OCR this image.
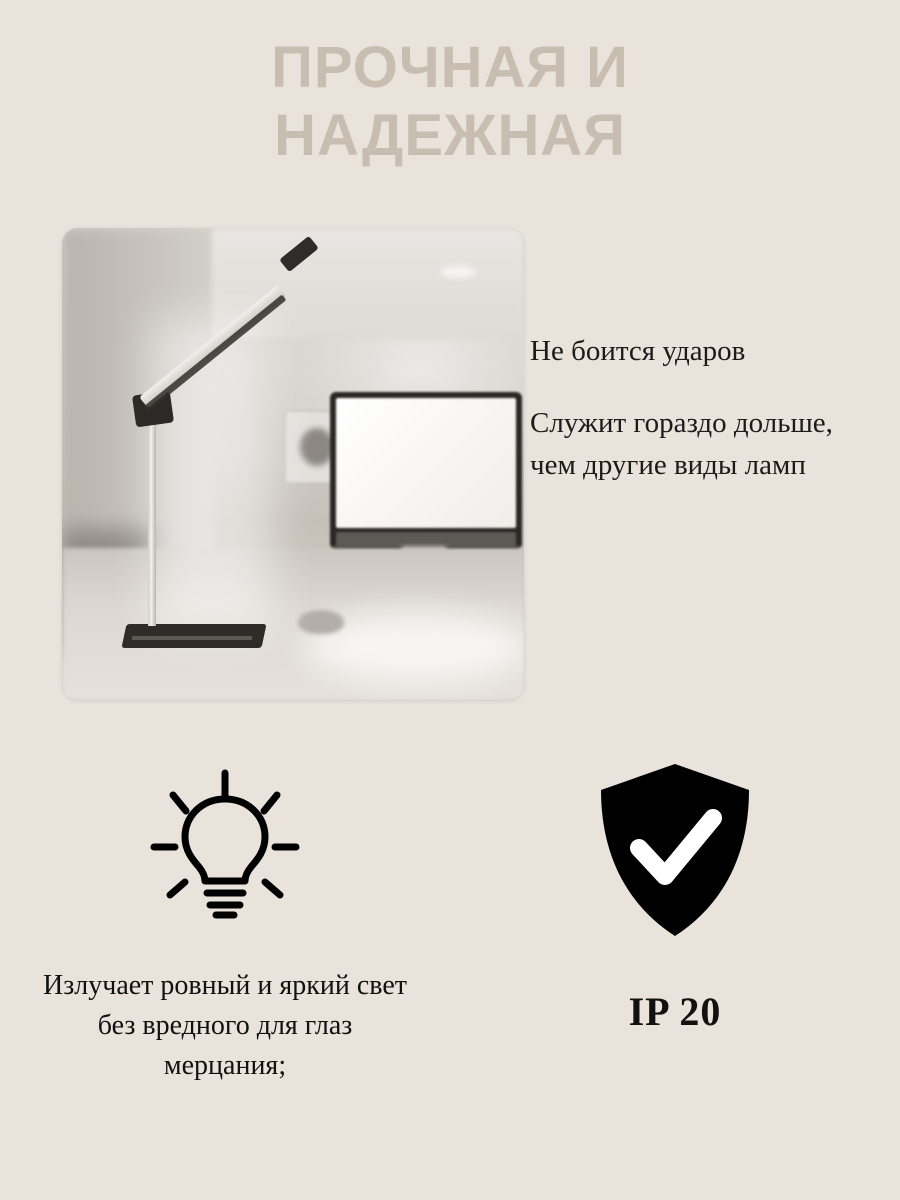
ПРОЧНАЯ И
НАДЕЖНАЯ

Не боится ударов

Служит гораздо дольше, чем другие виды ламп

Излучает ровный и яркий свет без вредного для глаз мерцания;
IP 20
